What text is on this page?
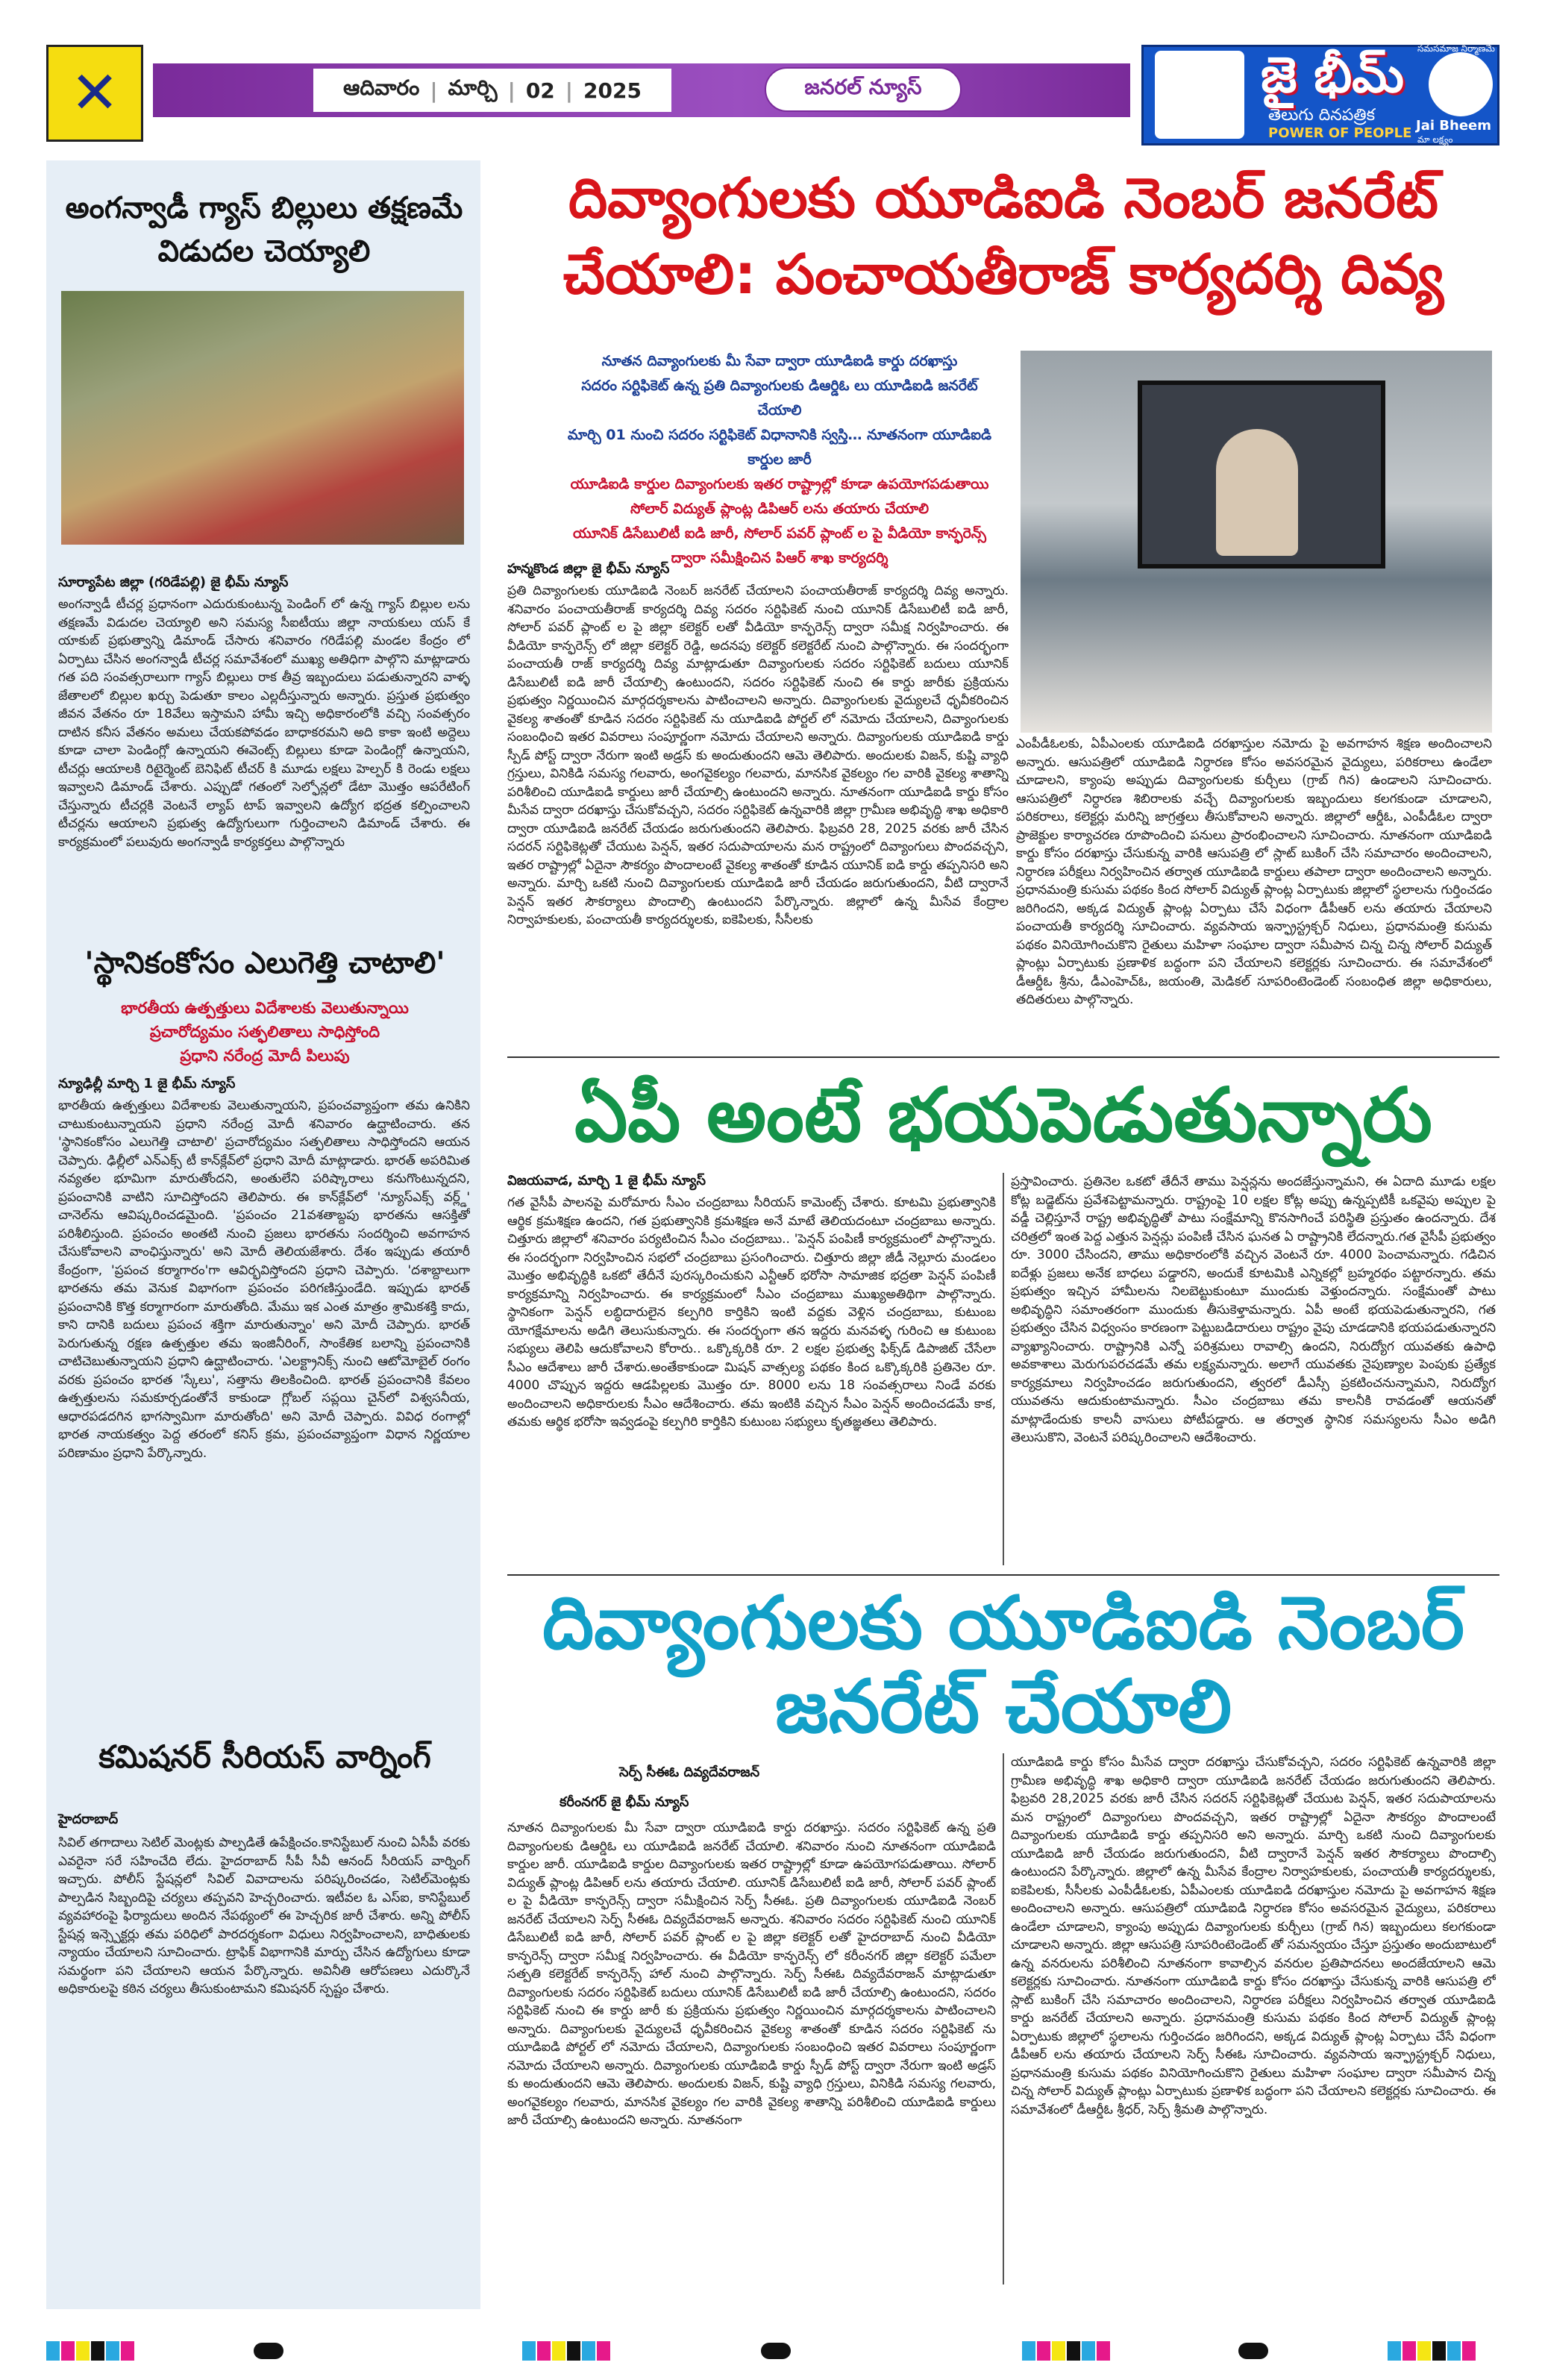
✕	ఆదివారం | మార్చి | 02 | 2025	జనరల్ న్యూస్	జై భీమ్
తెలుగు దినపత్రిక
POWER OF PEOPLE Jai Bheem
సమసమాజ నిర్మాణమే
మా లక్ష్యం
అంగన్వాడీ గ్యాస్ బిల్లులు తక్షణమే విడుదల చెయ్యాలి
సూర్యాపేట జిల్లా (గరిడేపల్లి) జై భీమ్ న్యూస్
అంగన్వాడీ టీచర్ల ప్రధానంగా ఎదురుకుంటున్న పెండింగ్ లో ఉన్న గ్యాస్ బిల్లుల లను తక్షణమే విడుదల చెయ్యాలి అని సమస్య సీఐటీయు జిల్లా నాయకులు యస్ కే యాకుబ్ ప్రభుత్వాన్ని డిమాండ్ చేసారు శనివారం గరిడేపల్లి మండల కేంద్రం లో ఏర్పాటు చేసిన అంగన్వాడీ టీచర్ల సమావేశంలో ముఖ్య అతిధిగా పాల్గొని మాట్లాడారు గత పది సంవత్సరాలుగా గ్యాస్ బిల్లులు రాక తీవ్ర ఇబ్బందులు పడుతున్నారని వాళ్ళ జేతాలలో బిల్లుల ఖర్చు పెడుతూ కాలం ఎల్లదీస్తున్నారు అన్నారు. ప్రస్తుత ప్రభుత్వం జీవన వేతనం రూ 18వేలు ఇస్తామని హామీ ఇచ్చి అధికారంలోకి వచ్చి సంవత్సరం దాటిన కనీస వేతనం అమలు చేయకపోవడం బాధాకరమని అది కాకా ఇంటి అద్దెలు కూడా చాలా పెండింగ్లో ఉన్నాయని ఈవెంట్స్ బిల్లులు కూడా పెండింగ్లో ఉన్నాయని, టీచర్లు ఆయాలకి రిటైర్మెంట్ బెనిఫిట్ టీచర్ కి మూడు లక్షలు హెల్పర్ కి రెండు లక్షలు ఇవ్వాలని డిమాండ్ చేశారు. ఎప్పుడో గతంలో సెల్ఫోన్లలో డేటా మొత్తం ఆపరేటింగ్ చేస్తున్నారు టీచర్లకి వెంటనే ల్యాప్ టాప్ ఇవ్వాలని ఉద్యోగ భద్రత కల్పించాలని టీచర్లను ఆయాలని ప్రభుత్వ ఉద్యోగులుగా గుర్తించాలని డిమాండ్ చేశారు. ఈ కార్యక్రమంలో పలువురు అంగన్వాడీ కార్యకర్తలు పాల్గొన్నారు
'స్థానికంకోసం ఎలుగెత్తి చాటాలి'
భారతీయ ఉత్పత్తులు విదేశాలకు వెలుతున్నాయి
ప్రచారోద్యమం సత్ఫలితాలు సాధిస్తోంది
ప్రధాని నరేంద్ర మోదీ పిలుపు
న్యూఢిల్లీ మార్చి 1 జై భీమ్ న్యూస్
భారతీయ ఉత్పత్తులు విదేశాలకు వెలుతున్నాయని, ప్రపంచవ్యాప్తంగా తమ ఉనికిని చాటుకుంటున్నాయని ప్రధాని నరేంద్ర మోదీ శనివారం ఉద్ఘాటించారు. తన 'స్థానికంకోసం ఎలుగెత్తి చాటాలి' ప్రచారోద్యమం సత్ఫలితాలు సాధిస్తోందని ఆయన చెప్పారు. ఢిల్లీలో ఎన్ఎక్స్ టీ కాన్‌క్లేవ్‌లో ప్రధాని మోదీ మాట్లాడారు. భారత్ అపరిమిత నవ్యతల భూమిగా మారుతోందని, అంతులేని పరిష్కారాలు కనుగొంటున్నదని, ప్రపంచానికి వాటిని సూచిస్తోందని తెలిపారు. ఈ కాన్‌క్లేవ్‌లో 'న్యూస్ఎక్స్ వర్ల్డ్' చానెల్‌ను ఆవిష్కరించడమైంది. 'ప్రపంచం 21వశతాబ్దపు భారతను ఆసక్తితో పరిశీలిస్తుంది. ప్రపంచం అంతటి నుంచి ప్రజలు భారతను సందర్శించి అవగాహన చేసుకోవాలని వాంఛిస్తున్నారు' అని మోదీ తెలియజేశారు. దేశం ఇప్పుడు తయారీ కేంద్రంగా, 'ప్రపంచ కర్మాగారం'గా ఆవిర్భవిస్తోందని ప్రధాని చెప్పారు. 'దశాబ్దాలుగా భారతను తమ వెనుక విభాగంగా ప్రపంచం పరిగణిస్తుండేది. ఇప్పుడు భారత్ ప్రపంచానికి కొత్త కర్మాగారంగా మారుతోంది. మేము ఇక ఎంత మాత్రం శ్రామికశక్తి కాదు, కాని దానికి బదులు ప్రపంచ శక్తిగా మారుతున్నాం' అని మోదీ చెప్పారు. భారత్ పెరుగుతున్న రక్షణ ఉత్పత్తుల తమ ఇంజినీరింగ్, సాంకేతిక బలాన్ని ప్రపంచానికి చాటిచెబుతున్నాయని ప్రధాని ఉద్ఘాటించారు. 'ఎలక్ట్రానిక్స్ నుంచి ఆటోమోబైల్ రంగం వరకు ప్రపంచం భారత 'స్కేలు', సత్తాను తిలకించింది. భారత్ ప్రపంచానికి కేవలం ఉత్పత్తులను సమకూర్చడంతోనే కాకుండా గ్లోబల్ సప్లయి చైన్‌లో విశ్వసనీయ, ఆధారపడదగిన భాగస్వామిగా మారుతోంది' అని మోదీ చెప్పారు. వివిధ రంగాల్లో భారత నాయకత్వం పెద్ద తరంలో కనిస్ క్రమ, ప్రపంచవ్యాప్తంగా విధాన నిర్ణయాల పరిణామం ప్రధాని పేర్కొన్నారు.
కమిషనర్ సీరియస్ వార్నింగ్
హైదరాబాద్
సివిల్ తగాదాలు సెటిల్ మెంట్లకు పాల్పడితే ఉపేక్షించం.కానిస్టేబుల్ నుంచి ఏసీపీ వరకు ఎవరైనా సరే సహించేది లేదు. హైదరాబాద్ సీపీ సీవీ ఆనంద్ సీరియస్ వార్నింగ్ ఇచ్చారు. పోలీస్ స్టేషన్లలో సివిల్ వివాదాలను పరిష్కరించడం, సెటిల్‌మెంట్లకు పాల్పడిన సిబ్బందిపై చర్యలు తప్పవని హెచ్చరించారు. ఇటీవల ఓ ఎస్ఐ, కానిస్టేబుల్ వ్యవహారంపై ఫిర్యాదులు అందిన నేపథ్యంలో ఈ హెచ్చరిక జారీ చేశారు. అన్ని పోలీస్ స్టేషన్ల ఇన్స్పెక్టర్లు తమ పరిధిలో పారదర్శకంగా విధులు నిర్వహించాలని, బాధితులకు న్యాయం చేయాలని సూచించారు. ట్రాఫిక్ విభాగానికి మార్పు చేసిన ఉద్యోగులు కూడా సమర్థంగా పని చేయాలని ఆయన పేర్కొన్నారు. అవినీతి ఆరోపణలు ఎదుర్కొనే అధికారులపై కఠిన చర్యలు తీసుకుంటామని కమిషనర్ స్పష్టం చేశారు.
దివ్యాంగులకు యూడిఐడి నెంబర్ జనరేట్ చేయాలి: పంచాయతీరాజ్ కార్యదర్శి దివ్య
నూతన దివ్యాంగులకు మీ సేవా ద్వారా యూడిఐడి కార్డు దరఖాస్తు
సదరం సర్టిఫికెట్ ఉన్న ప్రతి దివ్యాంగులకు డిఆర్డిఓ లు యూడిఐడి జనరేట్ చేయాలి
మార్చి 01 నుంచి సదరం సర్టిఫికెట్ విధానానికి స్వస్తి… నూతనంగా యూడిఐడి కార్డుల జారీ
యూడిఐడి కార్డుల దివ్యాంగులకు ఇతర రాష్ట్రాల్లో కూడా ఉపయోగపడుతాయి
సోలార్ విద్యుత్ ప్లాంట్ల డిపిఆర్ లను తయారు చేయాలి
యూనిక్ డిసేబులిటీ ఐడి జారీ, సోలార్ పవర్ ప్లాంట్ ల పై వీడియో కాన్ఫరెన్స్ ద్వారా సమీక్షించిన పిఆర్ శాఖ కార్యదర్శి
హన్మకొండ జిల్లా జై భీమ్ న్యూస్
ప్రతి దివ్యాంగులకు యూడిఐడి నెంబర్ జనరేట్ చేయాలని పంచాయతీరాజ్ కార్యదర్శి దివ్య అన్నారు. శనివారం పంచాయతీరాజ్ కార్యదర్శి దివ్య సదరం సర్టిఫికెట్ నుంచి యూనిక్ డిసేబులిటీ ఐడి జారీ, సోలార్ పవర్ ప్లాంట్ ల పై జిల్లా కలెక్టర్ లతో వీడియో కాన్ఫరెన్స్ ద్వారా సమీక్ష నిర్వహించారు. ఈ వీడియో కాన్ఫరెన్స్ లో జిల్లా కలెక్టర్ రెడ్డి, అదనపు కలెక్టర్ కలెక్టరేట్ నుంచి పాల్గొన్నారు. ఈ సందర్భంగా పంచాయతీ రాజ్ కార్యదర్శి దివ్య మాట్లాడుతూ దివ్యాంగులకు సదరం సర్టిఫికెట్ బదులు యూనిక్ డిసేబులిటీ ఐడి జారీ చేయాల్సి ఉంటుందని, సదరం సర్టిఫికెట్ నుంచి ఈ కార్డు జారీకు ప్రక్రియను ప్రభుత్వం నిర్ణయించిన మార్గదర్శకాలను పాటించాలని అన్నారు. దివ్యాంగులకు వైద్యులచే ధృవీకరించిన వైకల్య శాతంతో కూడిన సదరం సర్టిఫికెట్ ను యూడిఐడి పోర్టల్ లో నమోదు చేయాలని, దివ్యాంగులకు సంబంధించి ఇతర వివరాలు సంపూర్ణంగా నమోదు చేయాలని అన్నారు. దివ్యాంగులకు యూడిఐడి కార్డు స్పీడ్ పోస్ట్ ద్వారా నేరుగా ఇంటి అడ్రస్ కు అందుతుందని ఆమె తెలిపారు. అందులకు విజన్, కుష్టి వ్యాధి గ్రస్తులు, వినికిడి సమస్య గలవారు, అంగవైకల్యం గలవారు, మానసిక వైకల్యం గల వారికి వైకల్య శాతాన్ని పరిశీలించి యూడిఐడి కార్డులు జారీ చేయాల్సి ఉంటుందని అన్నారు. నూతనంగా యూడిఐడి కార్డు కోసం మీసేవ ద్వారా దరఖాస్తు చేసుకోవచ్చని, సదరం సర్టిఫికెట్ ఉన్నవారికి జిల్లా గ్రామీణ అభివృద్ధి శాఖ అధికారి ద్వారా యూడిఐడి జనరేట్ చేయడం జరుగుతుందని తెలిపారు. ఫిబ్రవరి 28, 2025 వరకు జారీ చేసిన సదరన్ సర్టిఫికెట్లతో చేయుట పెన్షన్, ఇతర సదుపాయాలను మన రాష్ట్రంలో దివ్యాంగులు పొందవచ్చని, ఇతర రాష్ట్రాల్లో ఏదైనా సౌకర్యం పొందాలంటే వైకల్య శాతంతో కూడిన యూనిక్ ఐడి కార్డు తప్పనిసరి అని అన్నారు. మార్చి ఒకటి నుంచి దివ్యాంగులకు యూడిఐడి జారీ చేయడం జరుగుతుందని, వీటి ద్వారానే పెన్షన్ ఇతర సౌకర్యాలు పొందాల్సి ఉంటుందని పేర్కొన్నారు. జిల్లాలో ఉన్న మీసేవ కేంద్రాల నిర్వాహకులకు, పంచాయతీ కార్యదర్శులకు, ఐకెపిలకు, సీసీలకు
ఎంపీడీఓలకు, ఏపీఎంలకు యూడిఐడి దరఖాస్తుల నమోదు పై అవగాహన శిక్షణ అందించాలని అన్నారు. ఆసుపత్రిలో యూడిఐడి నిర్ధారణ కోసం అవసరమైన వైద్యులు, పరికరాలు ఉండేలా చూడాలని, క్యాంపు అప్పుడు దివ్యాంగులకు కుర్చీలు (గ్రాబ్ గిన) ఉండాలని సూచించారు. ఆసుపత్రిలో నిర్ధారణ శిబిరాలకు వచ్చే దివ్యాంగులకు ఇబ్బందులు కలగకుండా చూడాలని, పరికరాలు, కలెక్టర్లు మరిన్ని జాగ్రత్తలు తీసుకోవాలని అన్నారు. జిల్లాలో ఆర్డీఓ, ఎంపీడీఓల ద్వారా ప్రాజెక్టుల కార్యాచరణ రూపొందించి పనులు ప్రారంభించాలని సూచించారు. నూతనంగా యూడిఐడి కార్డు కోసం దరఖాస్తు చేసుకున్న వారికి ఆసుపత్రి లో స్లాట్ బుకింగ్ చేసి సమాచారం అందించాలని, నిర్ధారణ పరీక్షలు నిర్వహించిన తర్వాత యూడిఐడి కార్డులు తపాలా ద్వారా అందించాలని అన్నారు. ప్రధానమంత్రి కుసుమ పథకం కింద సోలార్ విద్యుత్ ప్లాంట్ల ఏర్పాటుకు జిల్లాలో స్థలాలను గుర్తించడం జరిగిందని, అక్కడ విద్యుత్ ప్లాంట్ల ఏర్పాటు చేసే విధంగా డీపీఆర్ లను తయారు చేయాలని పంచాయతీ కార్యదర్శి సూచించారు. వ్యవసాయ ఇన్ఫ్రాస్ట్రక్చర్ నిధులు, ప్రధానమంత్రి కుసుమ పథకం వినియోగించుకొని రైతులు మహిళా సంఘాల ద్వారా సమీపాన చిన్న చిన్న సోలార్ విద్యుత్ ప్లాంట్లు ఏర్పాటుకు ప్రణాళిక బద్ధంగా పని చేయాలని కలెక్టర్లకు సూచించారు. ఈ సమావేశంలో డీఆర్డీఓ శ్రీను, డీఎంహెచ్ఓ, జయంతి, మెడికల్ సూపరింటెండెంట్ సంబంధిత జిల్లా అధికారులు, తదితరులు పాల్గొన్నారు.
ఏపీ అంటే భయపెడుతున్నారు
విజయవాడ, మార్చి 1 జై భీమ్ న్యూస్
గత వైసీపీ పాలనపై మరోమారు సీఎం చంద్రబాబు సీరియస్ కామెంట్స్ చేశారు. కూటమి ప్రభుత్వానికి ఆర్థిక క్రమశిక్షణ ఉందని, గత ప్రభుత్వానికి క్రమశిక్షణ అనే మాటే తెలియదంటూ చంద్రబాబు అన్నారు. చిత్తూరు జిల్లాలో శనివారం పర్యటించిన సీఎం చంద్రబాబు.. 'పెన్షన్ పంపిణీ కార్యక్రమంలో పాల్గొన్నారు. ఈ సందర్భంగా నిర్వహించిన సభలో చంద్రబాబు ప్రసంగించారు. చిత్తూరు జిల్లా జీడీ నెల్లూరు మండలం మొత్తం అభివృద్ధికి ఒకటో తేదీనే పురస్కరించుకుని ఎన్టీఆర్ భరోసా సామాజిక భద్రతా పెన్షన్ పంపిణీ కార్యక్రమాన్ని నిర్వహించారు. ఈ కార్యక్రమంలో సీఎం చంద్రబాబు ముఖ్యఅతిథిగా పాల్గొన్నారు. స్థానికంగా పెన్షన్ లబ్ధిదారులైన కల్పగిరి కార్తికిని ఇంటి వద్దకు వెళ్లిన చంద్రబాబు, కుటుంబ యోగక్షేమాలను అడిగి తెలుసుకున్నారు. ఈ సందర్భంగా తన ఇద్దరు మనవళ్ళ గురించి ఆ కుటుంబ సభ్యులు తెలిపి ఆదుకోవాలని కోరారు.. ఒక్కొక్కరికి రూ. 2 లక్షల ప్రభుత్వ ఫిక్స్‌డ్ డిపాజిట్ చేసేలా సీఎం ఆదేశాలు జారీ చేశారు.అంతేకాకుండా మిషన్ వాత్సల్య పథకం కింద ఒక్కొక్కరికి ప్రతినెల రూ. 4000 చొప్పున ఇద్దరు ఆడపిల్లలకు మొత్తం రూ. 8000 లను 18 సంవత్సరాలు నిండే వరకు అందించాలని అధికారులకు సీఎం ఆదేశించారు. తమ ఇంటికి వచ్చిన సీఎం పెన్షన్ అందించడమే కాక, తమకు ఆర్థిక భరోసా ఇవ్వడంపై కల్పగిరి కార్తికిని కుటుంబ సభ్యులు కృతజ్ఞతలు తెలిపారు.
ప్రస్తావించారు. ప్రతినెల ఒకటో తేదీనే తాము పెన్షన్లను అందజేస్తున్నామని, ఈ ఏదాది మూడు లక్షల కోట్ల బడ్జెట్‌ను ప్రవేశపెట్టామన్నారు. రాష్ట్రంపై 10 లక్షల కోట్ల అప్పు ఉన్నప్పటికీ ఒకవైపు అప్పుల పై వడ్డీ చెల్లిస్తూనే రాష్ట్ర అభివృద్ధితో పాటు సంక్షేమాన్ని కొనసాగించే పరిస్థితి ప్రస్తుతం ఉందన్నారు. దేశ చరిత్రలో ఇంత పెద్ద ఎత్తున పెన్షన్లు పంపిణీ చేసిన ఘనత ఏ రాష్ట్రానికి లేదన్నారు.గత వైసీపీ ప్రభుత్వం రూ. 3000 చేసిందని, తాము అధికారంలోకి వచ్చిన వెంటనే రూ. 4000 పెంచామన్నారు. గడిచిన ఐదేళ్లు ప్రజలు అనేక బాధలు పడ్డారని, అందుకే కూటమికి ఎన్నికల్లో బ్రహ్మరథం పట్టారన్నారు. తమ ప్రభుత్వం ఇచ్చిన హామీలను నిలబెట్టుకుంటూ ముందుకు వెళ్తుందన్నారు. సంక్షేమంతో పాటు అభివృద్ధిని సమాంతరంగా ముందుకు తీసుకెళ్తామన్నారు. ఏపీ అంటే భయపెడుతున్నారని, గత ప్రభుత్వం చేసిన విధ్వంసం కారణంగా పెట్టుబడిదారులు రాష్ట్రం వైపు చూడడానికి భయపడుతున్నారని వ్యాఖ్యానించారు. రాష్ట్రానికి ఎన్నో పరిశ్రమలు రావాల్సి ఉందని, నిరుద్యోగ యువతకు ఉపాధి అవకాశాలు మెరుగుపరచడమే తమ లక్ష్యమన్నారు. అలాగే యువతకు నైపుణ్యాల పెంపుకు ప్రత్యేక కార్యక్రమాలు నిర్వహించడం జరుగుతుందని, త్వరలో డీఎస్సీ ప్రకటించనున్నామని, నిరుద్యోగ యువతను ఆదుకుంటామన్నారు. సీఎం చంద్రబాబు తమ కాలనీకి రావడంతో ఆయనతో మాట్లాడేందుకు కాలనీ వాసులు పోటీపడ్డారు. ఆ తర్వాత స్థానిక సమస్యలను సీఎం అడిగి తెలుసుకొని, వెంటనే పరిష్కరించాలని ఆదేశించారు.
దివ్యాంగులకు యూడిఐడి నెంబర్ జనరేట్ చేయాలి
సెర్ప్ సీఈఓ దివ్యదేవరాజన్
కరీంనగర్ జై భీమ్ న్యూస్
నూతన దివ్యాంగులకు మీ సేవా ద్వారా యూడిఐడి కార్డు దరఖాస్తు. సదరం సర్టిఫికెట్ ఉన్న ప్రతి దివ్యాంగులకు డిఆర్డిఓ లు యూడిఐడి జనరేట్ చేయాలి. శనివారం నుంచి నూతనంగా యూడిఐడి కార్డుల జారీ. యూడిఐడి కార్డుల దివ్యాంగులకు ఇతర రాష్ట్రాల్లో కూడా ఉపయోగపడుతాయి. సోలార్ విద్యుత్ ప్లాంట్ల డిపిఆర్ లను తయారు చేయాలి. యూనిక్ డిసేబులిటీ ఐడి జారీ, సోలార్ పవర్ ప్లాంట్ ల పై వీడియో కాన్ఫరెన్స్ ద్వారా సమీక్షించిన సెర్ప్ సీఈఓ. ప్రతి దివ్యాంగులకు యూడిఐడి నెంబర్ జనరేట్ చేయాలని సెర్ప్ సీఈఓ దివ్యదేవరాజన్ అన్నారు. శనివారం సదరం సర్టిఫికెట్ నుంచి యూనిక్ డిసేబులిటీ ఐడి జారీ, సోలార్ పవర్ ప్లాంట్ ల పై జిల్లా కలెక్టర్ లతో హైదరాబాద్ నుంచి వీడియో కాన్ఫరెన్స్ ద్వారా సమీక్ష నిర్వహించారు. ఈ వీడియో కాన్ఫరెన్స్ లో కరీంనగర్ జిల్లా కలెక్టర్ పమేలా సత్పతి కలెక్టరేట్ కాన్ఫరెన్స్ హాల్ నుంచి పాల్గొన్నారు. సెర్ప్ సీఈఓ దివ్యదేవరాజన్ మాట్లాడుతూ దివ్యాంగులకు సదరం సర్టిఫికెట్ బదులు యూనిక్ డిసేబులిటీ ఐడి జారీ చేయాల్సి ఉంటుందని, సదరం సర్టిఫికెట్ నుంచి ఈ కార్డు జారీ కు ప్రక్రియను ప్రభుత్వం నిర్ణయించిన మార్గదర్శకాలను పాటించాలని అన్నారు. దివ్యాంగులకు వైద్యులచే ధృవీకరించిన వైకల్య శాతంతో కూడిన సదరం సర్టిఫికెట్ ను యూడిఐడి పోర్టల్ లో నమోదు చేయాలని, దివ్యాంగులకు సంబంధించి ఇతర వివరాలు సంపూర్ణంగా నమోదు చేయాలని అన్నారు. దివ్యాంగులకు యూడిఐడి కార్డు స్పీడ్ పోస్ట్ ద్వారా నేరుగా ఇంటి అడ్రస్ కు అందుతుందని ఆమె తెలిపారు. అందులకు విజన్, కుష్టి వ్యాధి గ్రస్తులు, వినికిడి సమస్య గలవారు, అంగవైకల్యం గలవారు, మానసిక వైకల్యం గల వారికి వైకల్య శాతాన్ని పరిశీలించి యూడిఐడి కార్డులు జారీ చేయాల్సి ఉంటుందని అన్నారు. నూతనంగా
యూడిఐడి కార్డు కోసం మీసేవ ద్వారా దరఖాస్తు చేసుకోవచ్చని, సదరం సర్టిఫికెట్ ఉన్నవారికి జిల్లా గ్రామీణ అభివృద్ధి శాఖ అధికారి ద్వారా యూడిఐడి జనరేట్ చేయడం జరుగుతుందని తెలిపారు. ఫిబ్రవరి 28,2025 వరకు జారీ చేసిన సదరన్ సర్టిఫికెట్లతో చేయుట పెన్షన్, ఇతర సదుపాయాలను మన రాష్ట్రంలో దివ్యాంగులు పొందవచ్చని, ఇతర రాష్ట్రాల్లో ఏదైనా సౌకర్యం పొందాలంటే దివ్యాంగులకు యూడిఐడి కార్డు తప్పనిసరి అని అన్నారు. మార్చి ఒకటి నుంచి దివ్యాంగులకు యూడిఐడి జారీ చేయడం జరుగుతుందని, వీటి ద్వారానే పెన్షన్ ఇతర సౌకర్యాలు పొందాల్సి ఉంటుందని పేర్కొన్నారు. జిల్లాలో ఉన్న మీసేవ కేంద్రాల నిర్వాహకులకు, పంచాయతీ కార్యదర్శులకు, ఐకెపిలకు, సీసీలకు ఎంపీడీఓలకు, ఏపీఎంలకు యూడిఐడి దరఖాస్తుల నమోదు పై అవగాహన శిక్షణ అందించాలని అన్నారు. ఆసుపత్రిలో యూడిఐడి నిర్ధారణ కోసం అవసరమైన వైద్యులు, పరికరాలు ఉండేలా చూడాలని, క్యాంపు అప్పుడు దివ్యాంగులకు కుర్చీలు (గ్రాబ్ గిన) ఇబ్బందులు కలగకుండా చూడాలని అన్నారు. జిల్లా ఆసుపత్రి సూపరింటెండెంట్ తో సమన్వయం చేస్తూ ప్రస్తుతం అందుబాటులో ఉన్న వనరులను పరిశీలించి నూతనంగా కావాల్సిన వనరుల ప్రతిపాదనలు అందజేయాలని ఆమె కలెక్టర్లకు సూచించారు. నూతనంగా యూడిఐడి కార్డు కోసం దరఖాస్తు చేసుకున్న వారికి ఆసుపత్రి లో స్లాట్ బుకింగ్ చేసి సమాచారం అందించాలని, నిర్ధారణ పరీక్షలు నిర్వహించిన తర్వాత యూడిఐడి కార్డు జనరేట్ చేయాలని అన్నారు. ప్రధానమంత్రి కుసుమ పథకం కింద సోలార్ విద్యుత్ ప్లాంట్ల ఏర్పాటుకు జిల్లాలో స్థలాలను గుర్తించడం జరిగిందని, అక్కడ విద్యుత్ ప్లాంట్ల ఏర్పాటు చేసే విధంగా డీపీఆర్ లను తయారు చేయాలని సెర్ప్ సీఈఓ సూచించారు. వ్యవసాయ ఇన్ఫ్రాస్ట్రక్చర్ నిధులు, ప్రధానమంత్రి కుసుమ పథకం వినియోగించుకొని రైతులు మహిళా సంఘాల ద్వారా సమీపాన చిన్న చిన్న సోలార్ విద్యుత్ ప్లాంట్లు ఏర్పాటుకు ప్రణాళిక బద్ధంగా పని చేయాలని కలెక్టర్లకు సూచించారు. ఈ సమావేశంలో డీఆర్డీఓ శ్రీధర్, సెర్ప్ శ్రీమతి పాల్గొన్నారు.
